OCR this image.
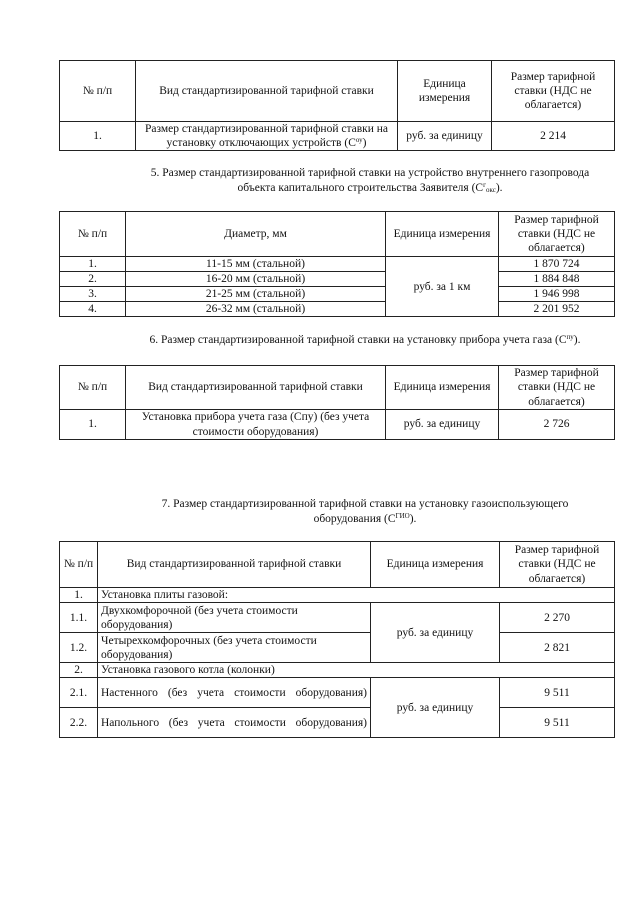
№ п/п	Вид стандартизированной тарифной ставки	Единица измерения	Размер тарифной ставки (НДС не облагается)
1.	Размер стандартизированной тарифной ставки на установку отключающих устройств $(С^{оу})$	руб. за единицу	2 214
5. Размер стандартизированной тарифной ставки на устройство внутреннего газопровода объекта капитального строительства Заявителя $(С^г_{окс})$.
№ п/п	Диаметр, мм	Единица измерения	Размер тарифной ставки (НДС не облагается)
1.	11-15 мм (стальной)	руб. за 1 км	1 870 724
2.	16-20 мм (стальной)		1 884 848
3.	21-25 мм (стальной)		1 946 998
4.	26-32 мм (стальной)		2 201 952
6. Размер стандартизированной тарифной ставки на установку прибора учета газа $(С^{пу})$.
№ п/п	Вид стандартизированной тарифной ставки	Единица измерения	Размер тарифной ставки (НДС не облагается)
1.	Установка прибора учета газа (Спу) (без учета стоимости оборудования)	руб. за единицу	2 726
7. Размер стандартизированной тарифной ставки на установку газоиспользующего оборудования $(С^{ГИО})$.
№ п/п	Вид стандартизированной тарифной ставки	Единица измерения	Размер тарифной ставки (НДС не облагается)
1.	Установка плиты газовой:		
1.1.	Двухкомфорочной (без учета стоимости оборудования)	руб. за единицу	2 270
1.2.	Четырехкомфорочных (без учета стоимости оборудования)		2 821
2.	Установка газового котла (колонки)		
2.1.	Настенного (без учета стоимости оборудования)	руб. за единицу	9 511
2.2.	Напольного (без учета стоимости оборудования)		9 511
